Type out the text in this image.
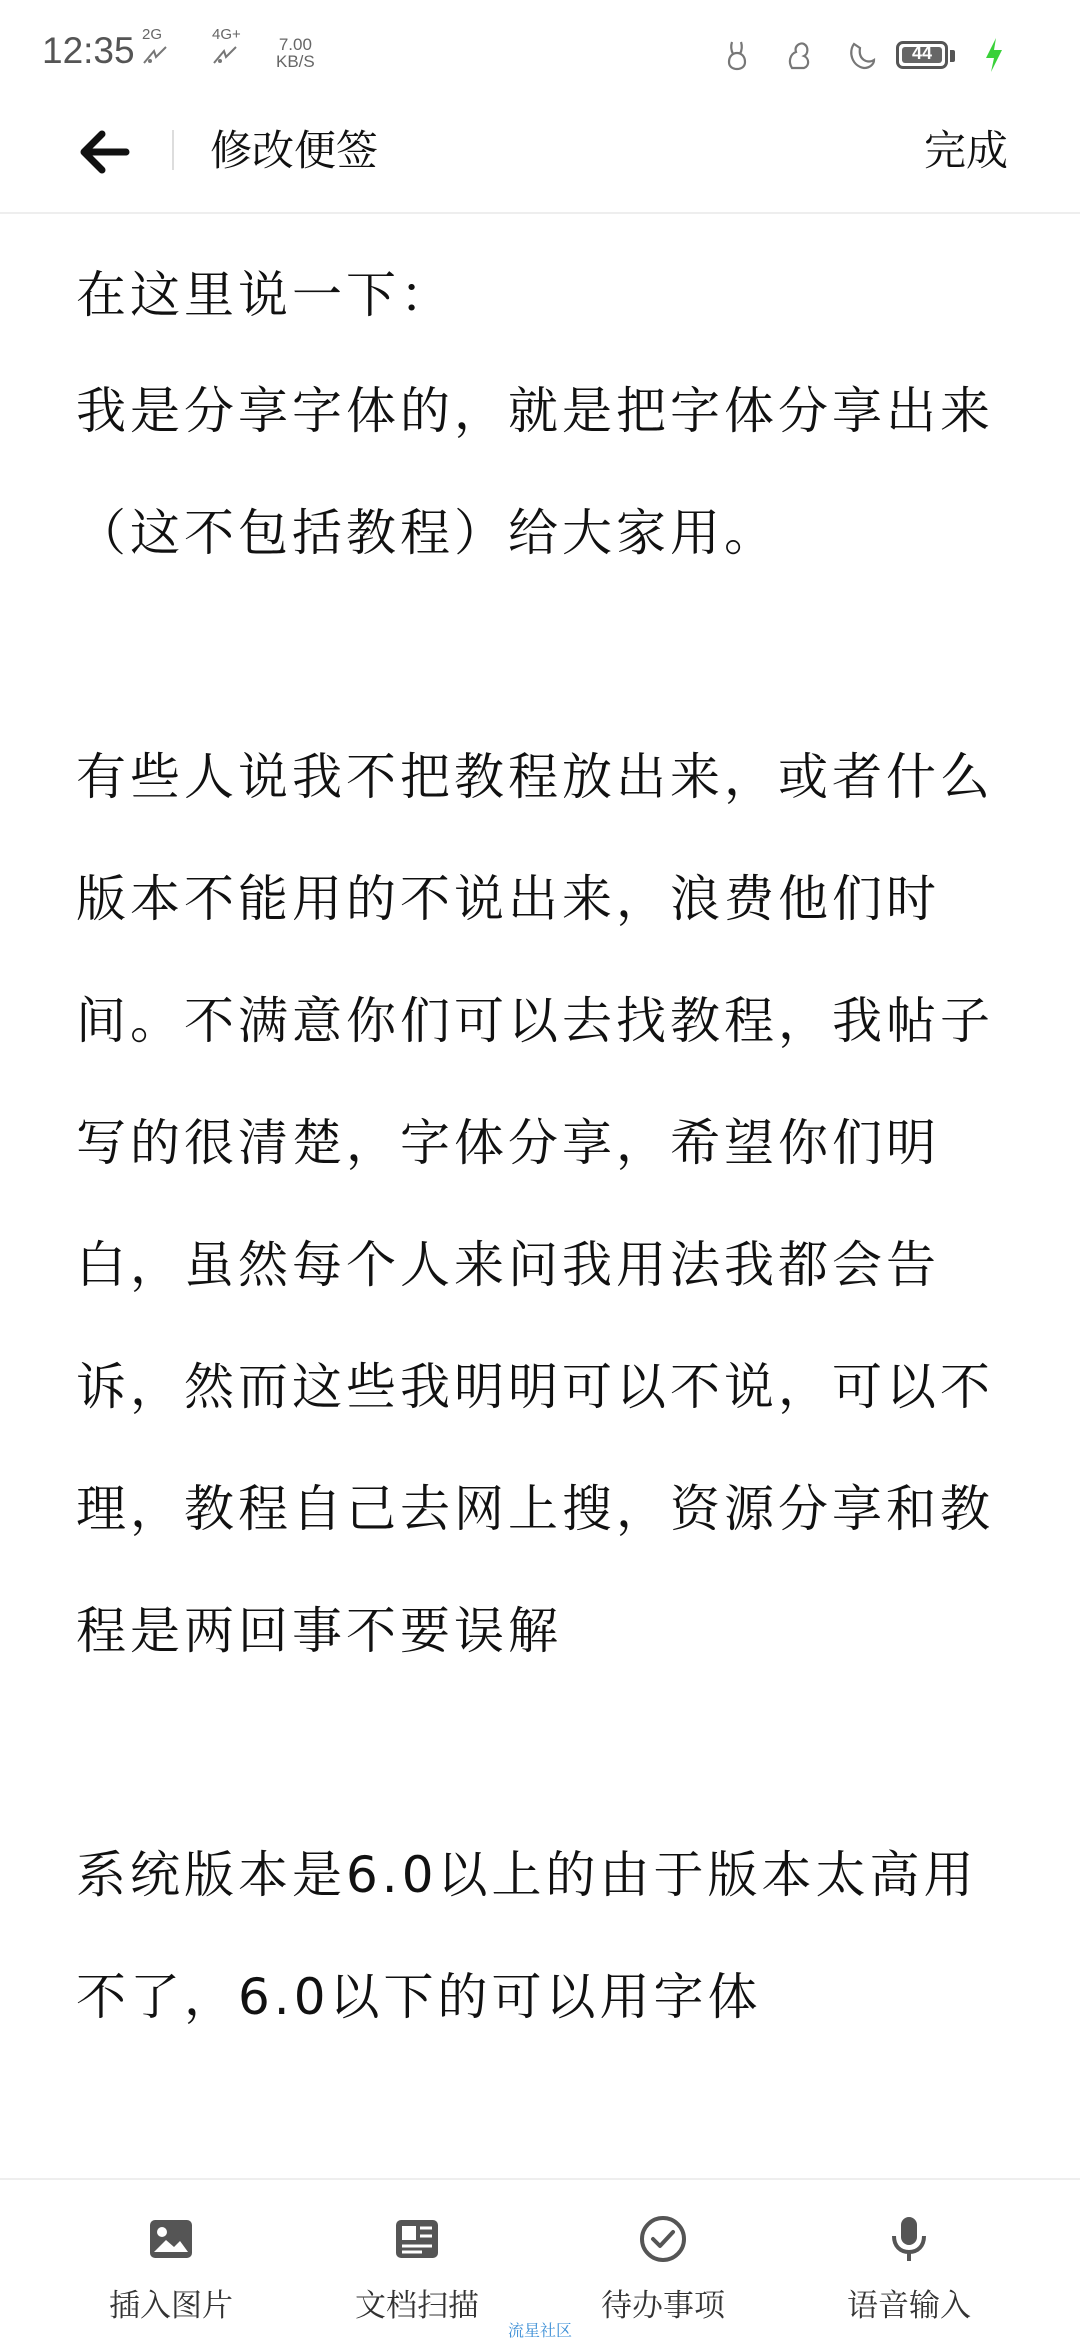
12:35 2G	4G+

7.00
KB/S	44
修改便签	完成

在这里说一下：

我是分享字体的，就是把字体分享出来（这不包括教程）给大家用。

有些人说我不把教程放出来，或者什么版本不能用的不说出来，浪费他们时间。不满意你们可以去找教程，我帖子写的很清楚，字体分享，希望你们明白，虽然每个人来问我用法我都会告诉，然而这些我明明可以不说，可以不理，教程自己去网上搜，资源分享和教程是两回事不要误解

系统版本是6.0以上的由于版本太高用不了，6.0以下的可以用字体

插入图片	文档扫描	待办事项	语音输入
流星社区
